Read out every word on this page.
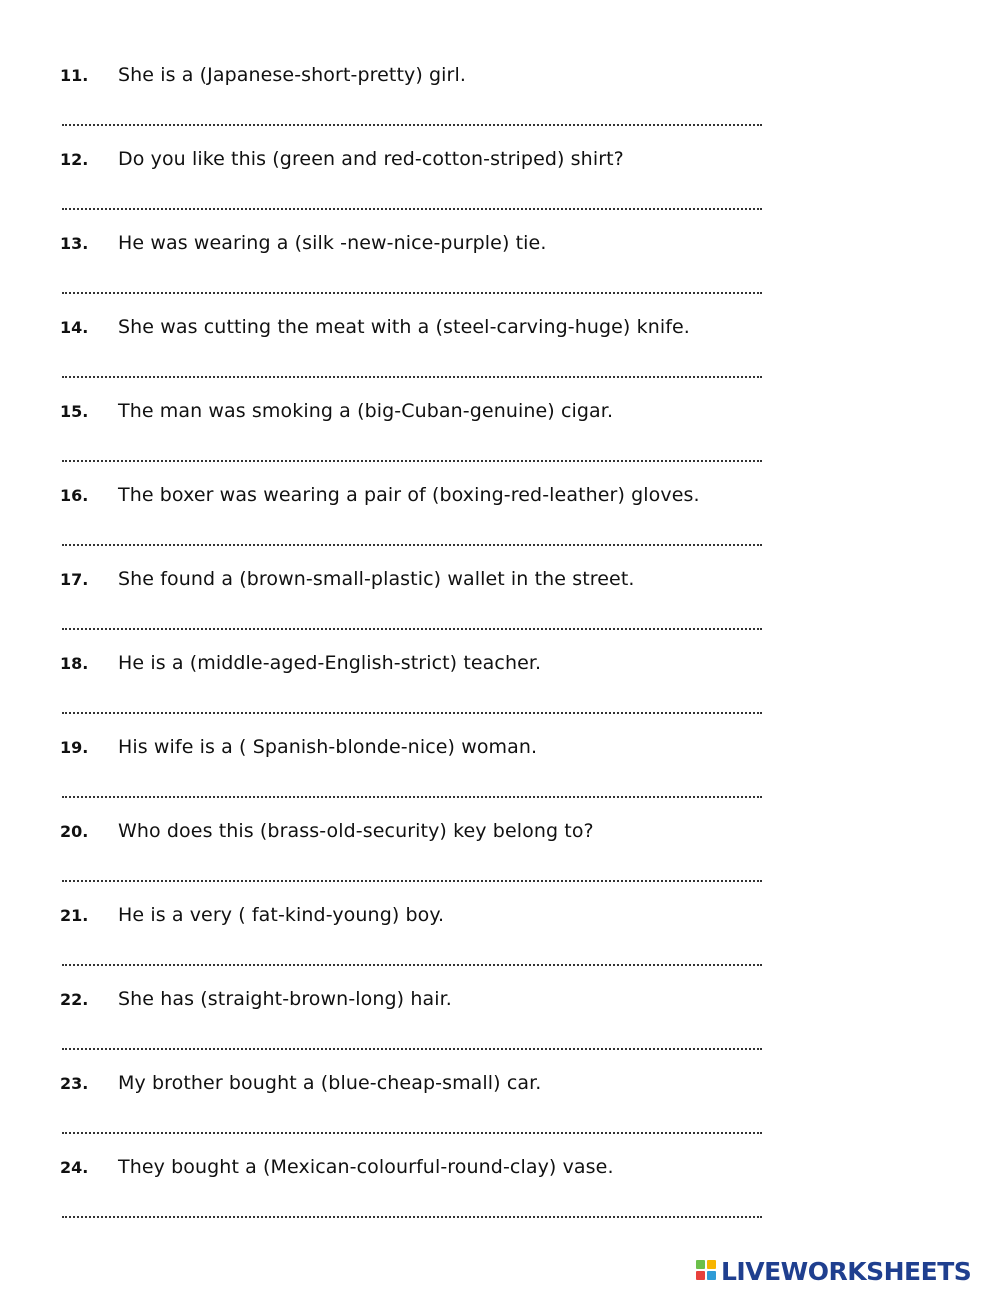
11. She is a (Japanese-short-pretty) girl.
12. Do you like this (green and red-cotton-striped) shirt?
13. He was wearing a (silk -new-nice-purple) tie.
14. She was cutting the meat with a (steel-carving-huge) knife.
15. The man was smoking a (big-Cuban-genuine) cigar.
16. The boxer was wearing a pair of (boxing-red-leather) gloves.
17. She found a (brown-small-plastic) wallet in the street.
18. He is a (middle-aged-English-strict) teacher.
19. His wife is a ( Spanish-blonde-nice) woman.
20. Who does this (brass-old-security) key belong to?
21. He is a very ( fat-kind-young) boy.
22. She has (straight-brown-long) hair.
23. My brother bought a (blue-cheap-small) car.
24. They bought a (Mexican-colourful-round-clay) vase.
LIVEWORKSHEETS
